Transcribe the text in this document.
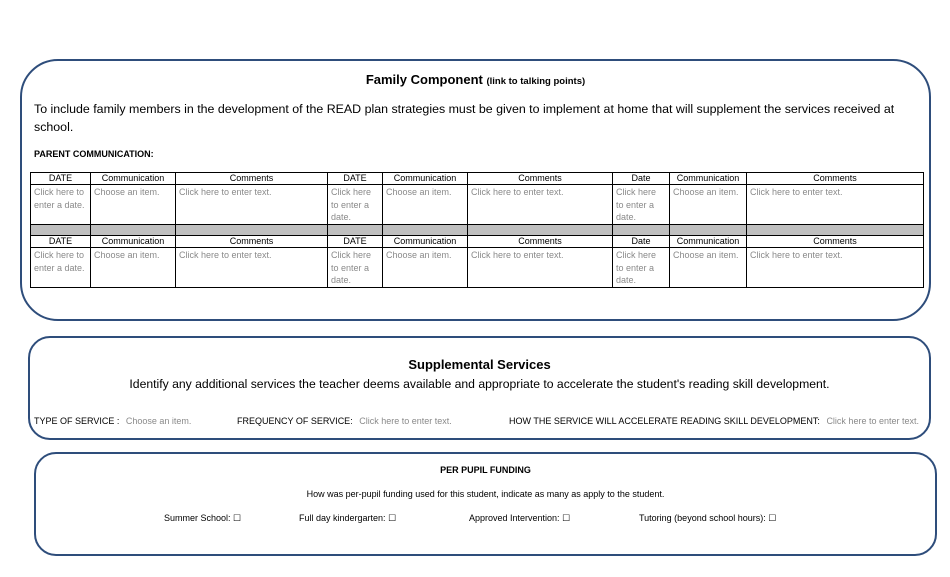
Family Component (link to talking points)
To include family members in the development of the READ plan strategies must be given to implement at home that will supplement the services received at school.
PARENT COMMUNICATION:
DATE	Communication	Comments	DATE	Communication	Comments	Date	Communication	Comments
Click here to enter a date.	Choose an item.	Click here to enter text.	Click here to enter a date.	Choose an item.	Click here to enter text.	Click here to enter a date.	Choose an item.	Click here to enter text.

DATE	Communication	Comments	DATE	Communication	Comments	Date	Communication	Comments
Click here to enter a date.	Choose an item.	Click here to enter text.	Click here to enter a date.	Choose an item.	Click here to enter text.	Click here to enter a date.	Choose an item.	Click here to enter text.
Supplemental Services
Identify any additional services the teacher deems available and appropriate to accelerate the student's reading skill development.
TYPE OF SERVICE : Choose an item.	FREQUENCY OF SERVICE: Click here to enter text.	HOW THE SERVICE WILL ACCELERATE READING SKILL DEVELOPMENT: Click here to enter text.
PER PUPIL FUNDING
How was per-pupil funding used for this student, indicate as many as apply to the student.
Summer School: ☐	Full day kindergarten: ☐	Approved Intervention: ☐	Tutoring (beyond school hours): ☐
